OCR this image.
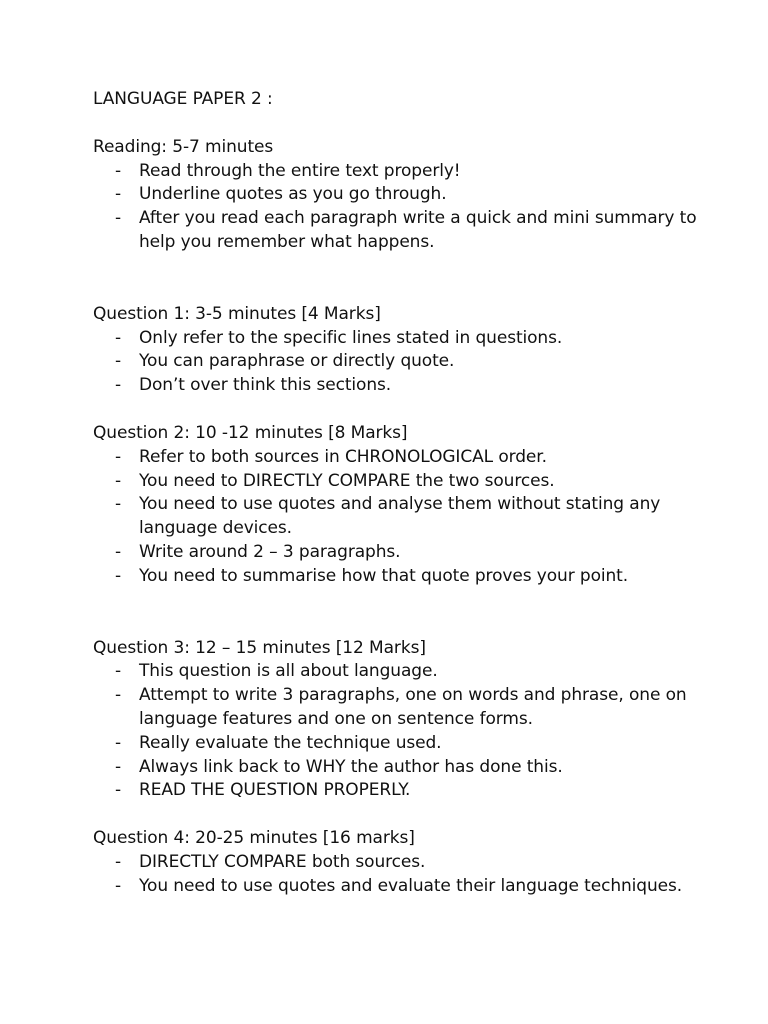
LANGUAGE PAPER 2 :
Reading: 5-7 minutes
- Read through the entire text properly!
- Underline quotes as you go through.
- After you read each paragraph write a quick and mini summary to help you remember what happens.
Question 1: 3-5 minutes [4 Marks]
- Only refer to the specific lines stated in questions.
- You can paraphrase or directly quote.
- Don’t over think this sections.
Question 2: 10 -12 minutes [8 Marks]
- Refer to both sources in CHRONOLOGICAL order.
- You need to DIRECTLY COMPARE the two sources.
- You need to use quotes and analyse them without stating any language devices.
- Write around 2 – 3 paragraphs.
- You need to summarise how that quote proves your point.
Question 3: 12 – 15 minutes [12 Marks]
- This question is all about language.
- Attempt to write 3 paragraphs, one on words and phrase, one on language features and one on sentence forms.
- Really evaluate the technique used.
- Always link back to WHY the author has done this.
- READ THE QUESTION PROPERLY.
Question 4: 20-25 minutes [16 marks]
- DIRECTLY COMPARE both sources.
- You need to use quotes and evaluate their language techniques.
